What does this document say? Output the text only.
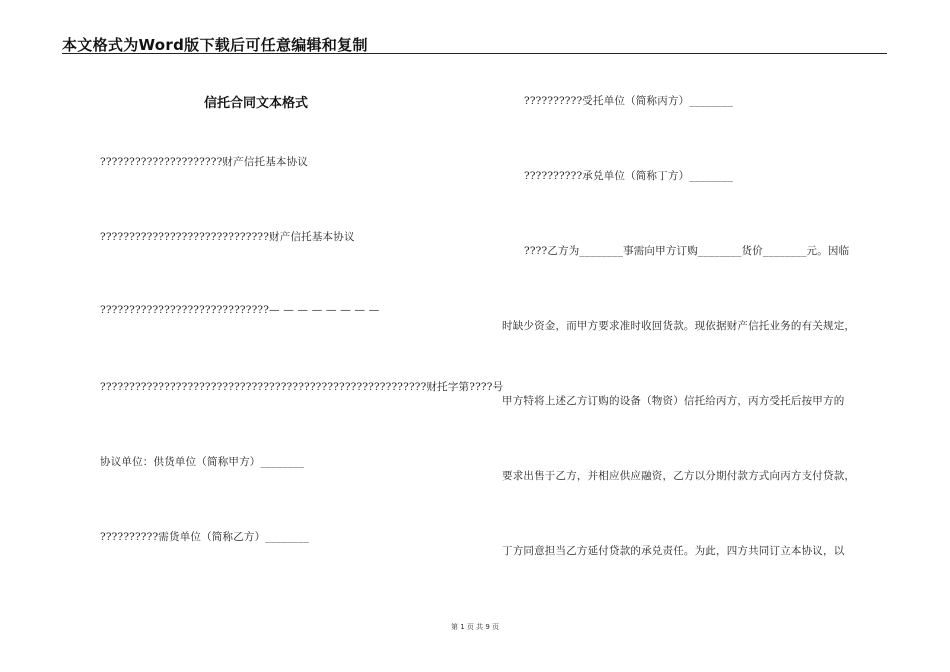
本文格式为Word版下载后可任意编辑和复制
信托合同文本格式
?????????????????????财产信托基本协议
?????????????????????????????财产信托基本协议
?????????????????????????????— — — — — — — —
????????????????????????????????????????????????????????财托字第????号
协议单位：供货单位（简称甲方）________
??????????需货单位（简称乙方）________
??????????受托单位（简称丙方）________
??????????承兑单位（简称丁方）________
????乙方为________事需向甲方订购________货价________元。因临
时缺少资金，而甲方要求准时收回货款。现依据财产信托业务的有关规定，
甲方特将上述乙方订购的设备（物资）信托给丙方，丙方受托后按甲方的
要求出售于乙方，并相应供应融资，乙方以分期付款方式向丙方支付贷款，
丁方同意担当乙方延付贷款的承兑责任。为此，四方共同订立本协议，以
第 1 页 共 9 页
